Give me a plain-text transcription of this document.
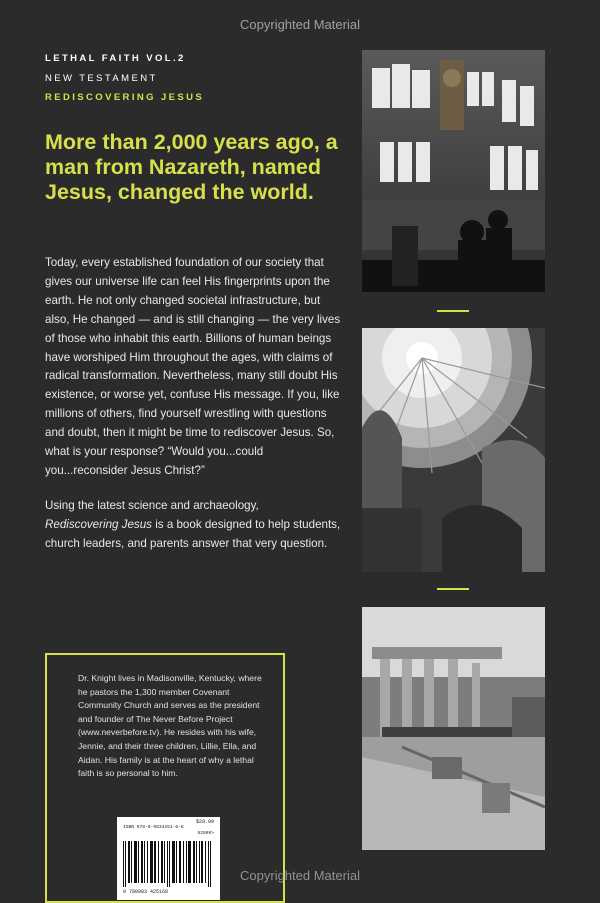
Copyrighted Material
LETHAL FAITH VOL.2
NEW TESTAMENT
REDISCOVERING JESUS
More than 2,000 years ago, a man from Nazareth, named Jesus, changed the world.

Today, every established foundation of our society that gives our universe life can feel His fingerprints upon the earth. He not only changed societal infrastructure, but also, He changed — and is still changing — the very lives of those who inhabit this earth. Billions of human beings have worshiped Him throughout the ages, with claims of radical transformation. Nevertheless, many still doubt His existence, or worse yet, confuse His message. If you, like millions of others, find yourself wrestling with questions and doubt, then it might be time to rediscover Jesus. So, what is your response? “Would you...could you...reconsider Jesus Christ?”

Using the latest science and archaeology,
Rediscovering Jesus is a book designed to help students, church leaders, and parents answer that very question.

Dr. Knight lives in Madisonville, Kentucky, where he pastors the 1,300 member Covenant Community Church and serves as the president and founder of The Never Before Project (www.neverbefore.tv). He resides with his wife, Jennie, and their three children, Lillie, Ella, and Aidan. His family is at the heart of why a lethal faith is so personal to him.
$29.99
ISBN 978-0-9834251-6-8
52999>
9 780983 425168
Copyrighted Material
